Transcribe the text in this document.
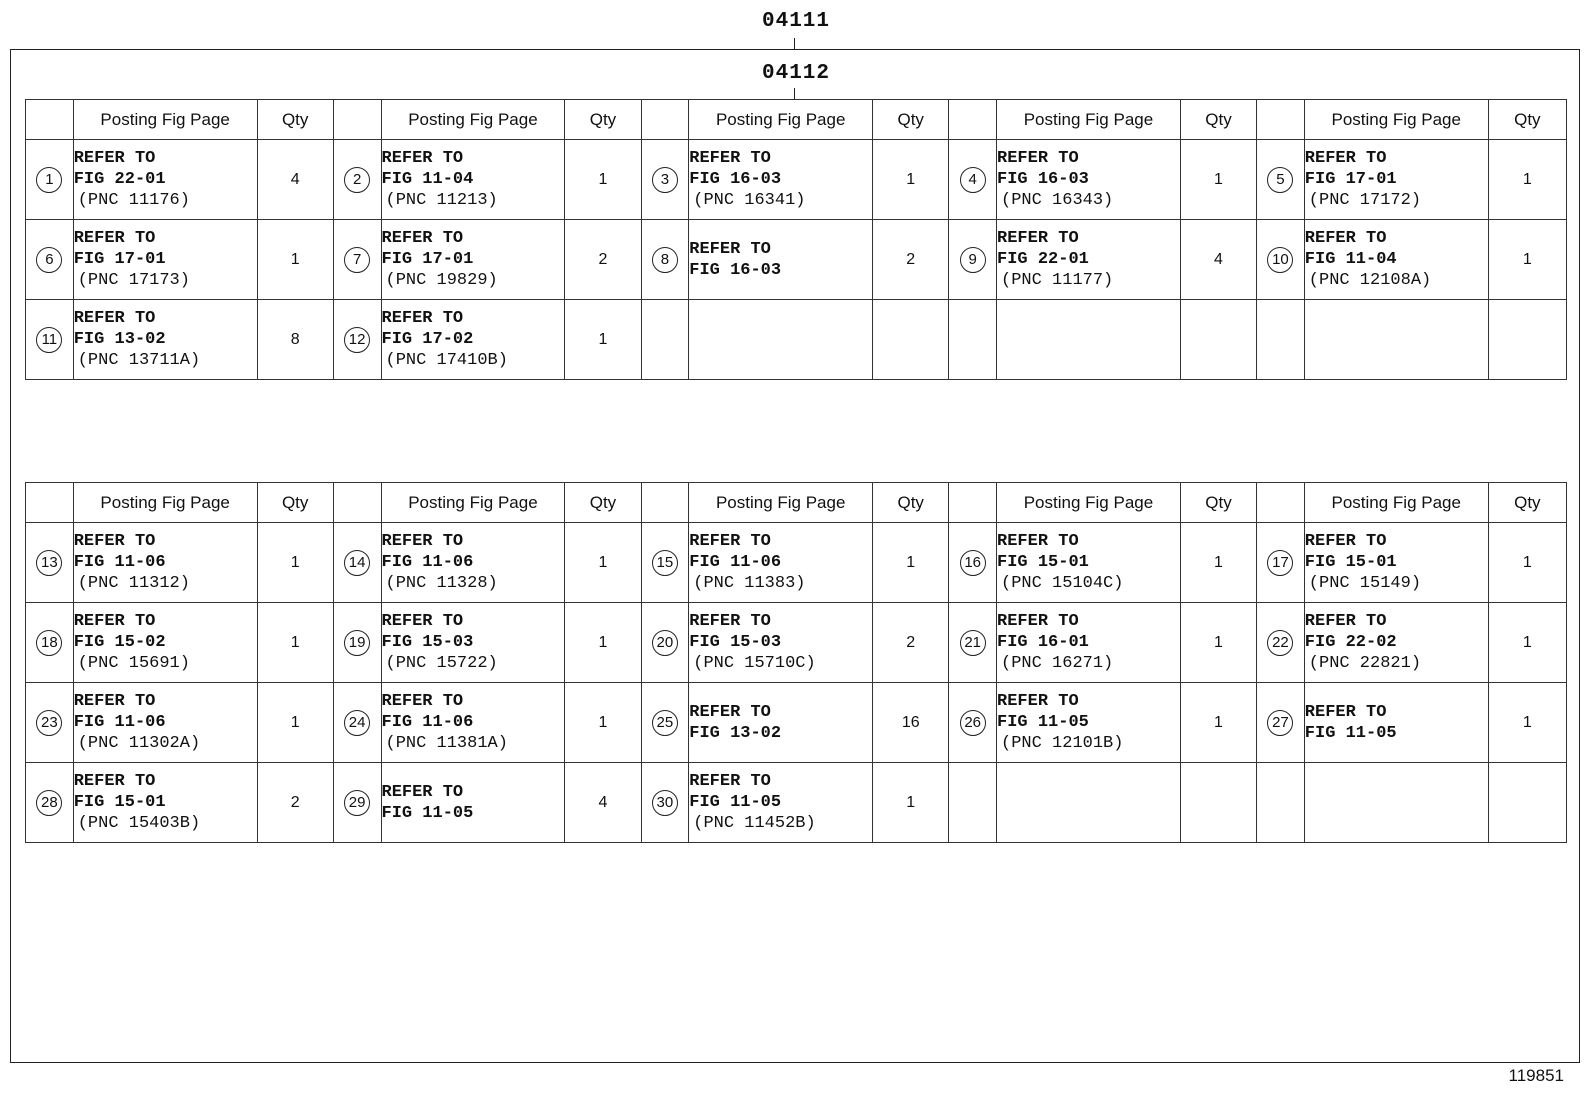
04111
04112
	Posting Fig Page	Qty		Posting Fig Page	Qty		Posting Fig Page	Qty		Posting Fig Page	Qty		Posting Fig Page	Qty
1	REFER TO
FIG 22-01
(PNC 11176)	4	2	REFER TO
FIG 11-04
(PNC 11213)	1	3	REFER TO
FIG 16-03
(PNC 16341)	1	4	REFER TO
FIG 16-03
(PNC 16343)	1	5	REFER TO
FIG 17-01
(PNC 17172)	1
6	REFER TO
FIG 17-01
(PNC 17173)	1	7	REFER TO
FIG 17-01
(PNC 19829)	2	8	REFER TO
FIG 16-03	2	9	REFER TO
FIG 22-01
(PNC 11177)	4	10	REFER TO
FIG 11-04
(PNC 12108A)	1
11	REFER TO
FIG 13-02
(PNC 13711A)	8	12	REFER TO
FIG 17-02
(PNC 17410B)	1		

	Posting Fig Page	Qty		Posting Fig Page	Qty		Posting Fig Page	Qty		Posting Fig Page	Qty		Posting Fig Page	Qty
13	REFER TO
FIG 11-06
(PNC 11312)	1	14	REFER TO
FIG 11-06
(PNC 11328)	1	15	REFER TO
FIG 11-06
(PNC 11383)	1	16	REFER TO
FIG 15-01
(PNC 15104C)	1	17	REFER TO
FIG 15-01
(PNC 15149)	1
18	REFER TO
FIG 15-02
(PNC 15691)	1	19	REFER TO
FIG 15-03
(PNC 15722)	1	20	REFER TO
FIG 15-03
(PNC 15710C)	2	21	REFER TO
FIG 16-01
(PNC 16271)	1	22	REFER TO
FIG 22-02
(PNC 22821)	1
23	REFER TO
FIG 11-06
(PNC 11302A)	1	24	REFER TO
FIG 11-06
(PNC 11381A)	1	25	REFER TO
FIG 13-02	16	26	REFER TO
FIG 11-05
(PNC 12101B)	1	27	REFER TO
FIG 11-05	1
28	REFER TO
FIG 15-01
(PNC 15403B)	2	29	REFER TO
FIG 11-05	4	30	REFER TO
FIG 11-05
(PNC 11452B)	1		

119851
